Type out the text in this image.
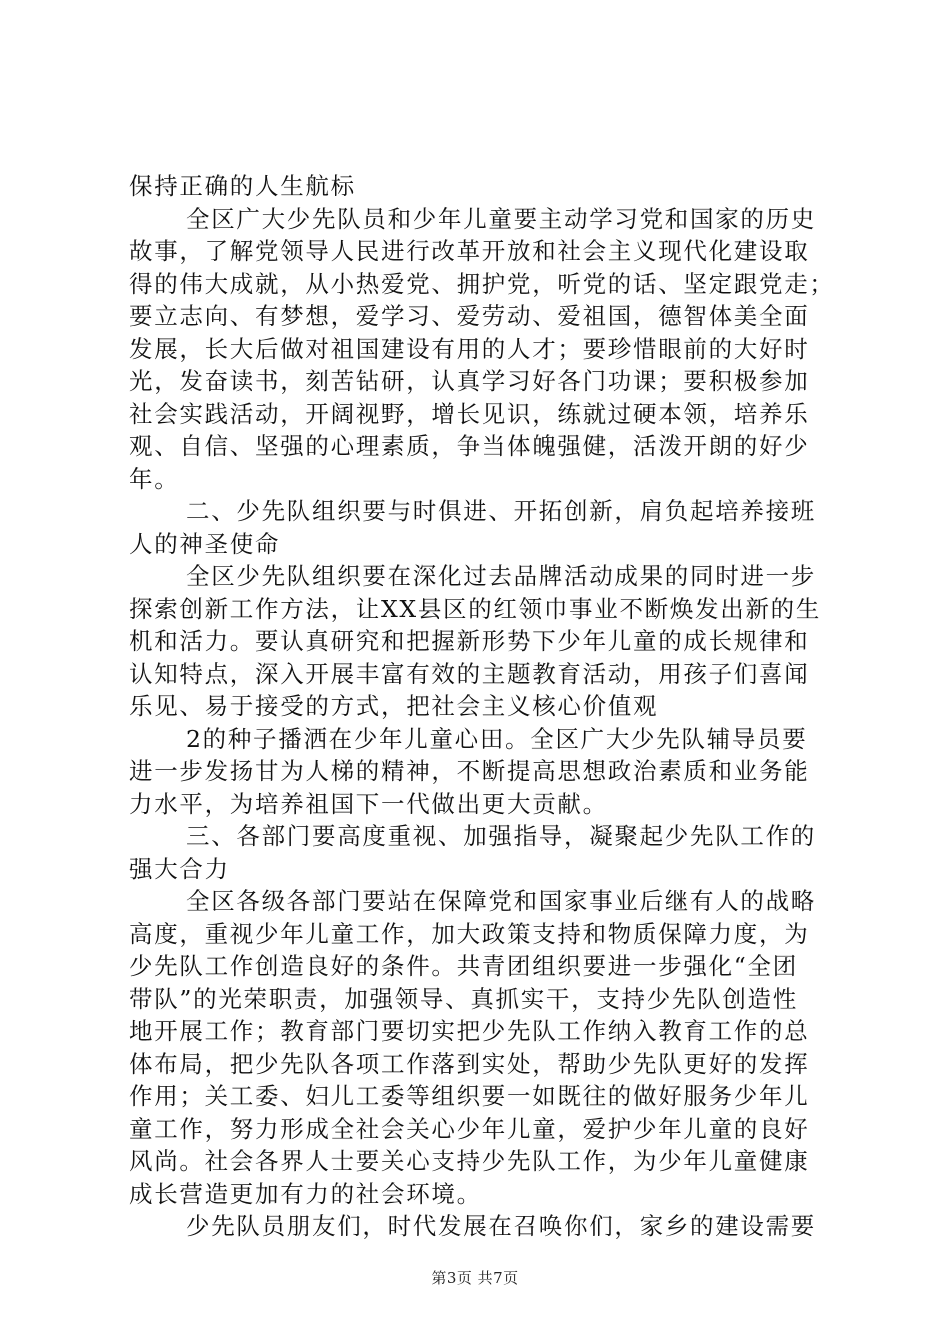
保持正确的人生航标
全区广大少先队员和少年儿童要主动学习党和国家的历史
故事，了解党领导人民进行改革开放和社会主义现代化建设取
得的伟大成就，从小热爱党、拥护党，听党的话、坚定跟党走；
要立志向、有梦想，爱学习、爱劳动、爱祖国，德智体美全面
发展，长大后做对祖国建设有用的人才；要珍惜眼前的大好时
光，发奋读书，刻苦钻研，认真学习好各门功课；要积极参加
社会实践活动，开阔视野，增长见识，练就过硬本领，培养乐
观、自信、坚强的心理素质，争当体魄强健，活泼开朗的好少
年。
二、少先队组织要与时俱进、开拓创新，肩负起培养接班
人的神圣使命
全区少先队组织要在深化过去品牌活动成果的同时进一步
探索创新工作方法，让XX县区的红领巾事业不断焕发出新的生
机和活力。要认真研究和把握新形势下少年儿童的成长规律和
认知特点，深入开展丰富有效的主题教育活动，用孩子们喜闻
乐见、易于接受的方式，把社会主义核心价值观
2的种子播洒在少年儿童心田。全区广大少先队辅导员要
进一步发扬甘为人梯的精神，不断提高思想政治素质和业务能
力水平，为培养祖国下一代做出更大贡献。
三、各部门要高度重视、加强指导，凝聚起少先队工作的
强大合力
全区各级各部门要站在保障党和国家事业后继有人的战略
高度，重视少年儿童工作，加大政策支持和物质保障力度，为
少先队工作创造良好的条件。共青团组织要进一步强化“全团
带队”的光荣职责，加强领导、真抓实干，支持少先队创造性
地开展工作；教育部门要切实把少先队工作纳入教育工作的总
体布局，把少先队各项工作落到实处，帮助少先队更好的发挥
作用；关工委、妇儿工委等组织要一如既往的做好服务少年儿
童工作，努力形成全社会关心少年儿童，爱护少年儿童的良好
风尚。社会各界人士要关心支持少先队工作，为少年儿童健康
成长营造更加有力的社会环境。
少先队员朋友们，时代发展在召唤你们，家乡的建设需要
第3页 共7页
